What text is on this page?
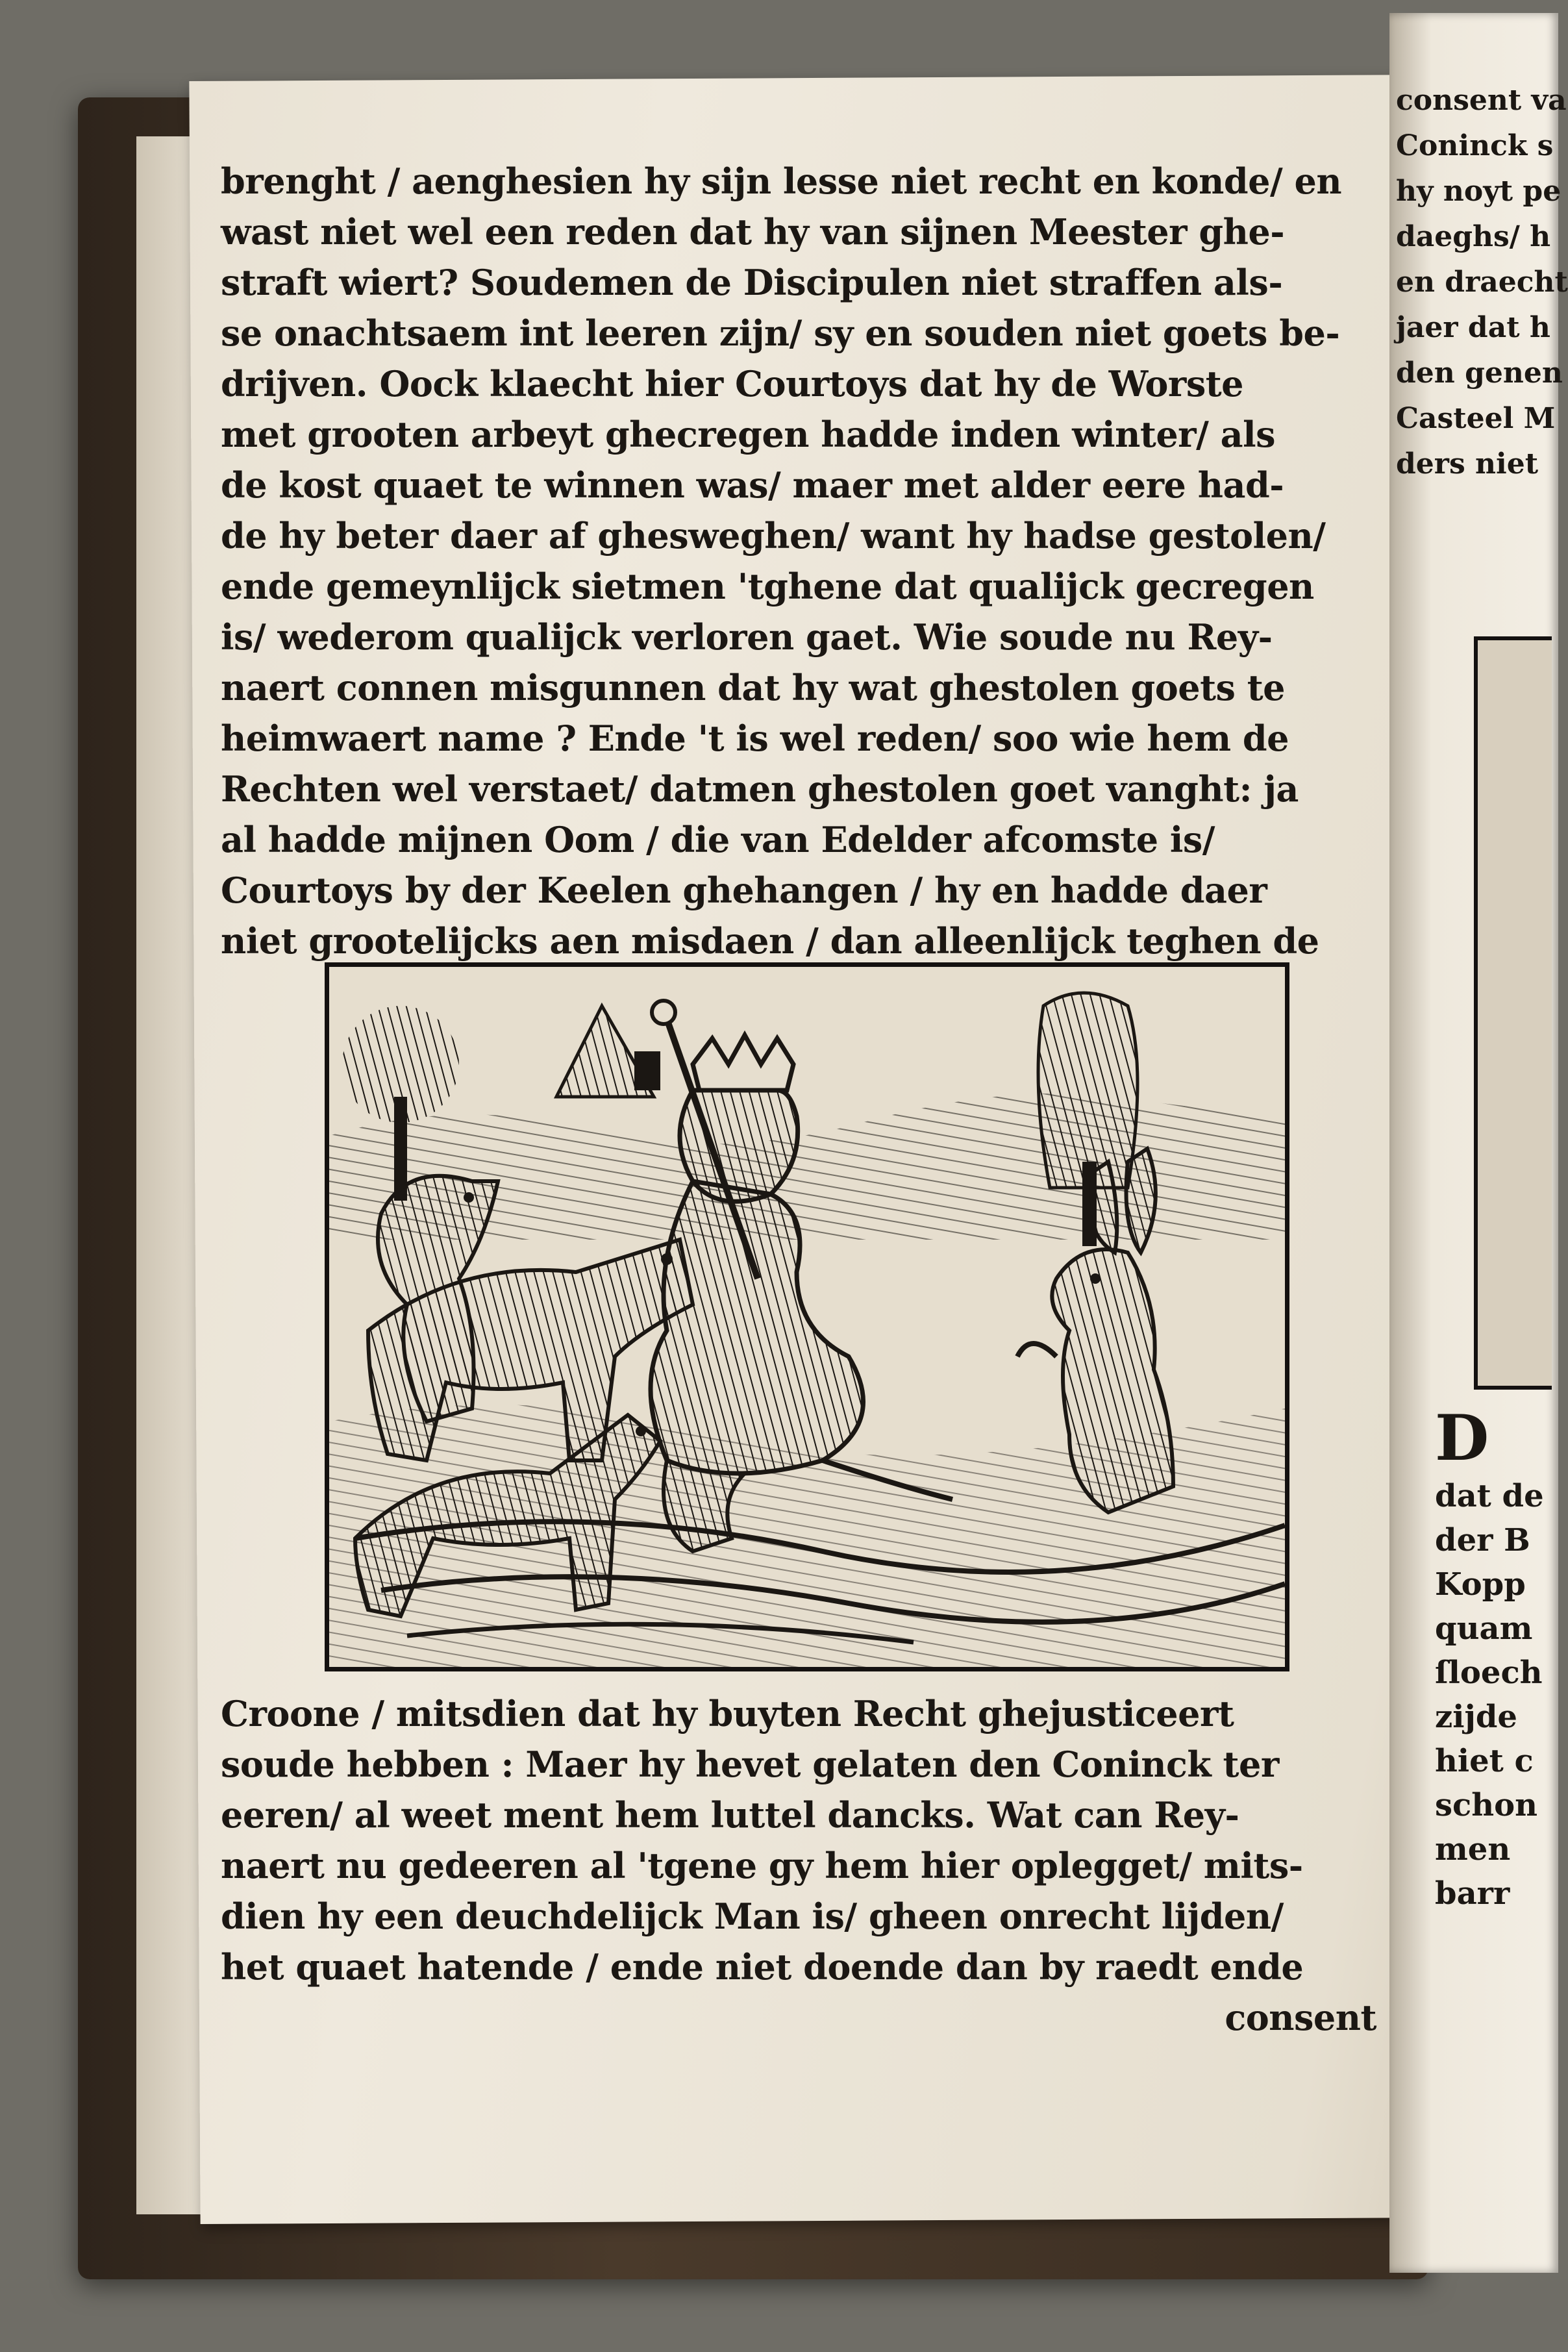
brenght / aenghesien hy sijn lesse niet recht en konde/ en
wast niet wel een reden dat hy van sijnen Meester ghe-
straft wiert? Soudemen de Discipulen niet straffen als-
se onachtsaem int leeren zijn/ sy en souden niet goets be-
drijven. Oock klaecht hier Courtoys dat hy de Worste
met grooten arbeyt ghecregen hadde inden winter/ als
de kost quaet te winnen was/ maer met alder eere had-
de hy beter daer af ghesweghen/ want hy hadse gestolen/
ende gemeynlijck sietmen 'tghene dat qualijck gecregen
is/ wederom qualijck verloren gaet. Wie soude nu Rey-
naert connen misgunnen dat hy wat ghestolen goets te
heimwaert name ? Ende 't is wel reden/ soo wie hem de
Rechten wel verstaet/ datmen ghestolen goet vanght: ja
al hadde mijnen Oom / die van Edelder afcomste is/
Courtoys by der Keelen ghehangen / hy en hadde daer
niet grootelijcks aen misdaen / dan alleenlijck teghen de
Croone / mitsdien dat hy buyten Recht ghejusticeert
soude hebben : Maer hy hevet gelaten den Coninck ter
eeren/ al weet ment hem luttel dancks. Wat can Rey-
naert nu gedeeren al 'tgene gy hem hier oplegget/ mits-
dien hy een deuchdelijck Man is/ gheen onrecht lijden/
het quaet hatende / ende niet doende dan by raedt ende
consent
consent va
Coninck s
hy noyt pe
daeghs/ h
en draecht
jaer dat h
den genen
Casteel M
ders niet
D
dat de
der B
Kopp
quam
ſloech
zijde
hiet c
schon
men
barr
